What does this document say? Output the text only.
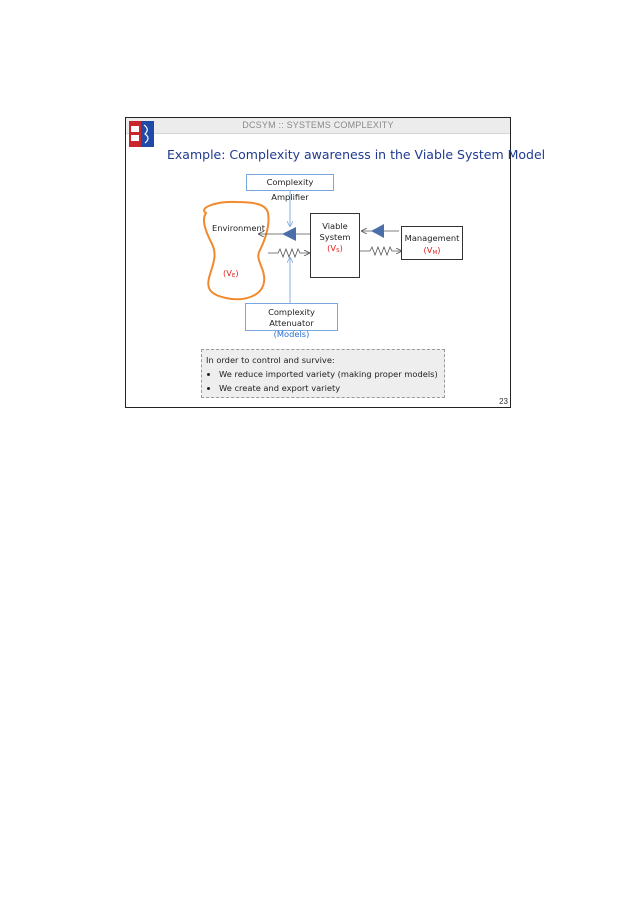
DCSYM :: SYSTEMS COMPLEXITY
Example: Complexity awareness in the Viable System Model
Complexity Amplifier
Environment
(VE)
Viable
System
(VS)
Management
(VM)
Complexity Attenuator
(Models)
In order to control and survive:
• We reduce imported variety (making proper models)
• We create and export variety
23
